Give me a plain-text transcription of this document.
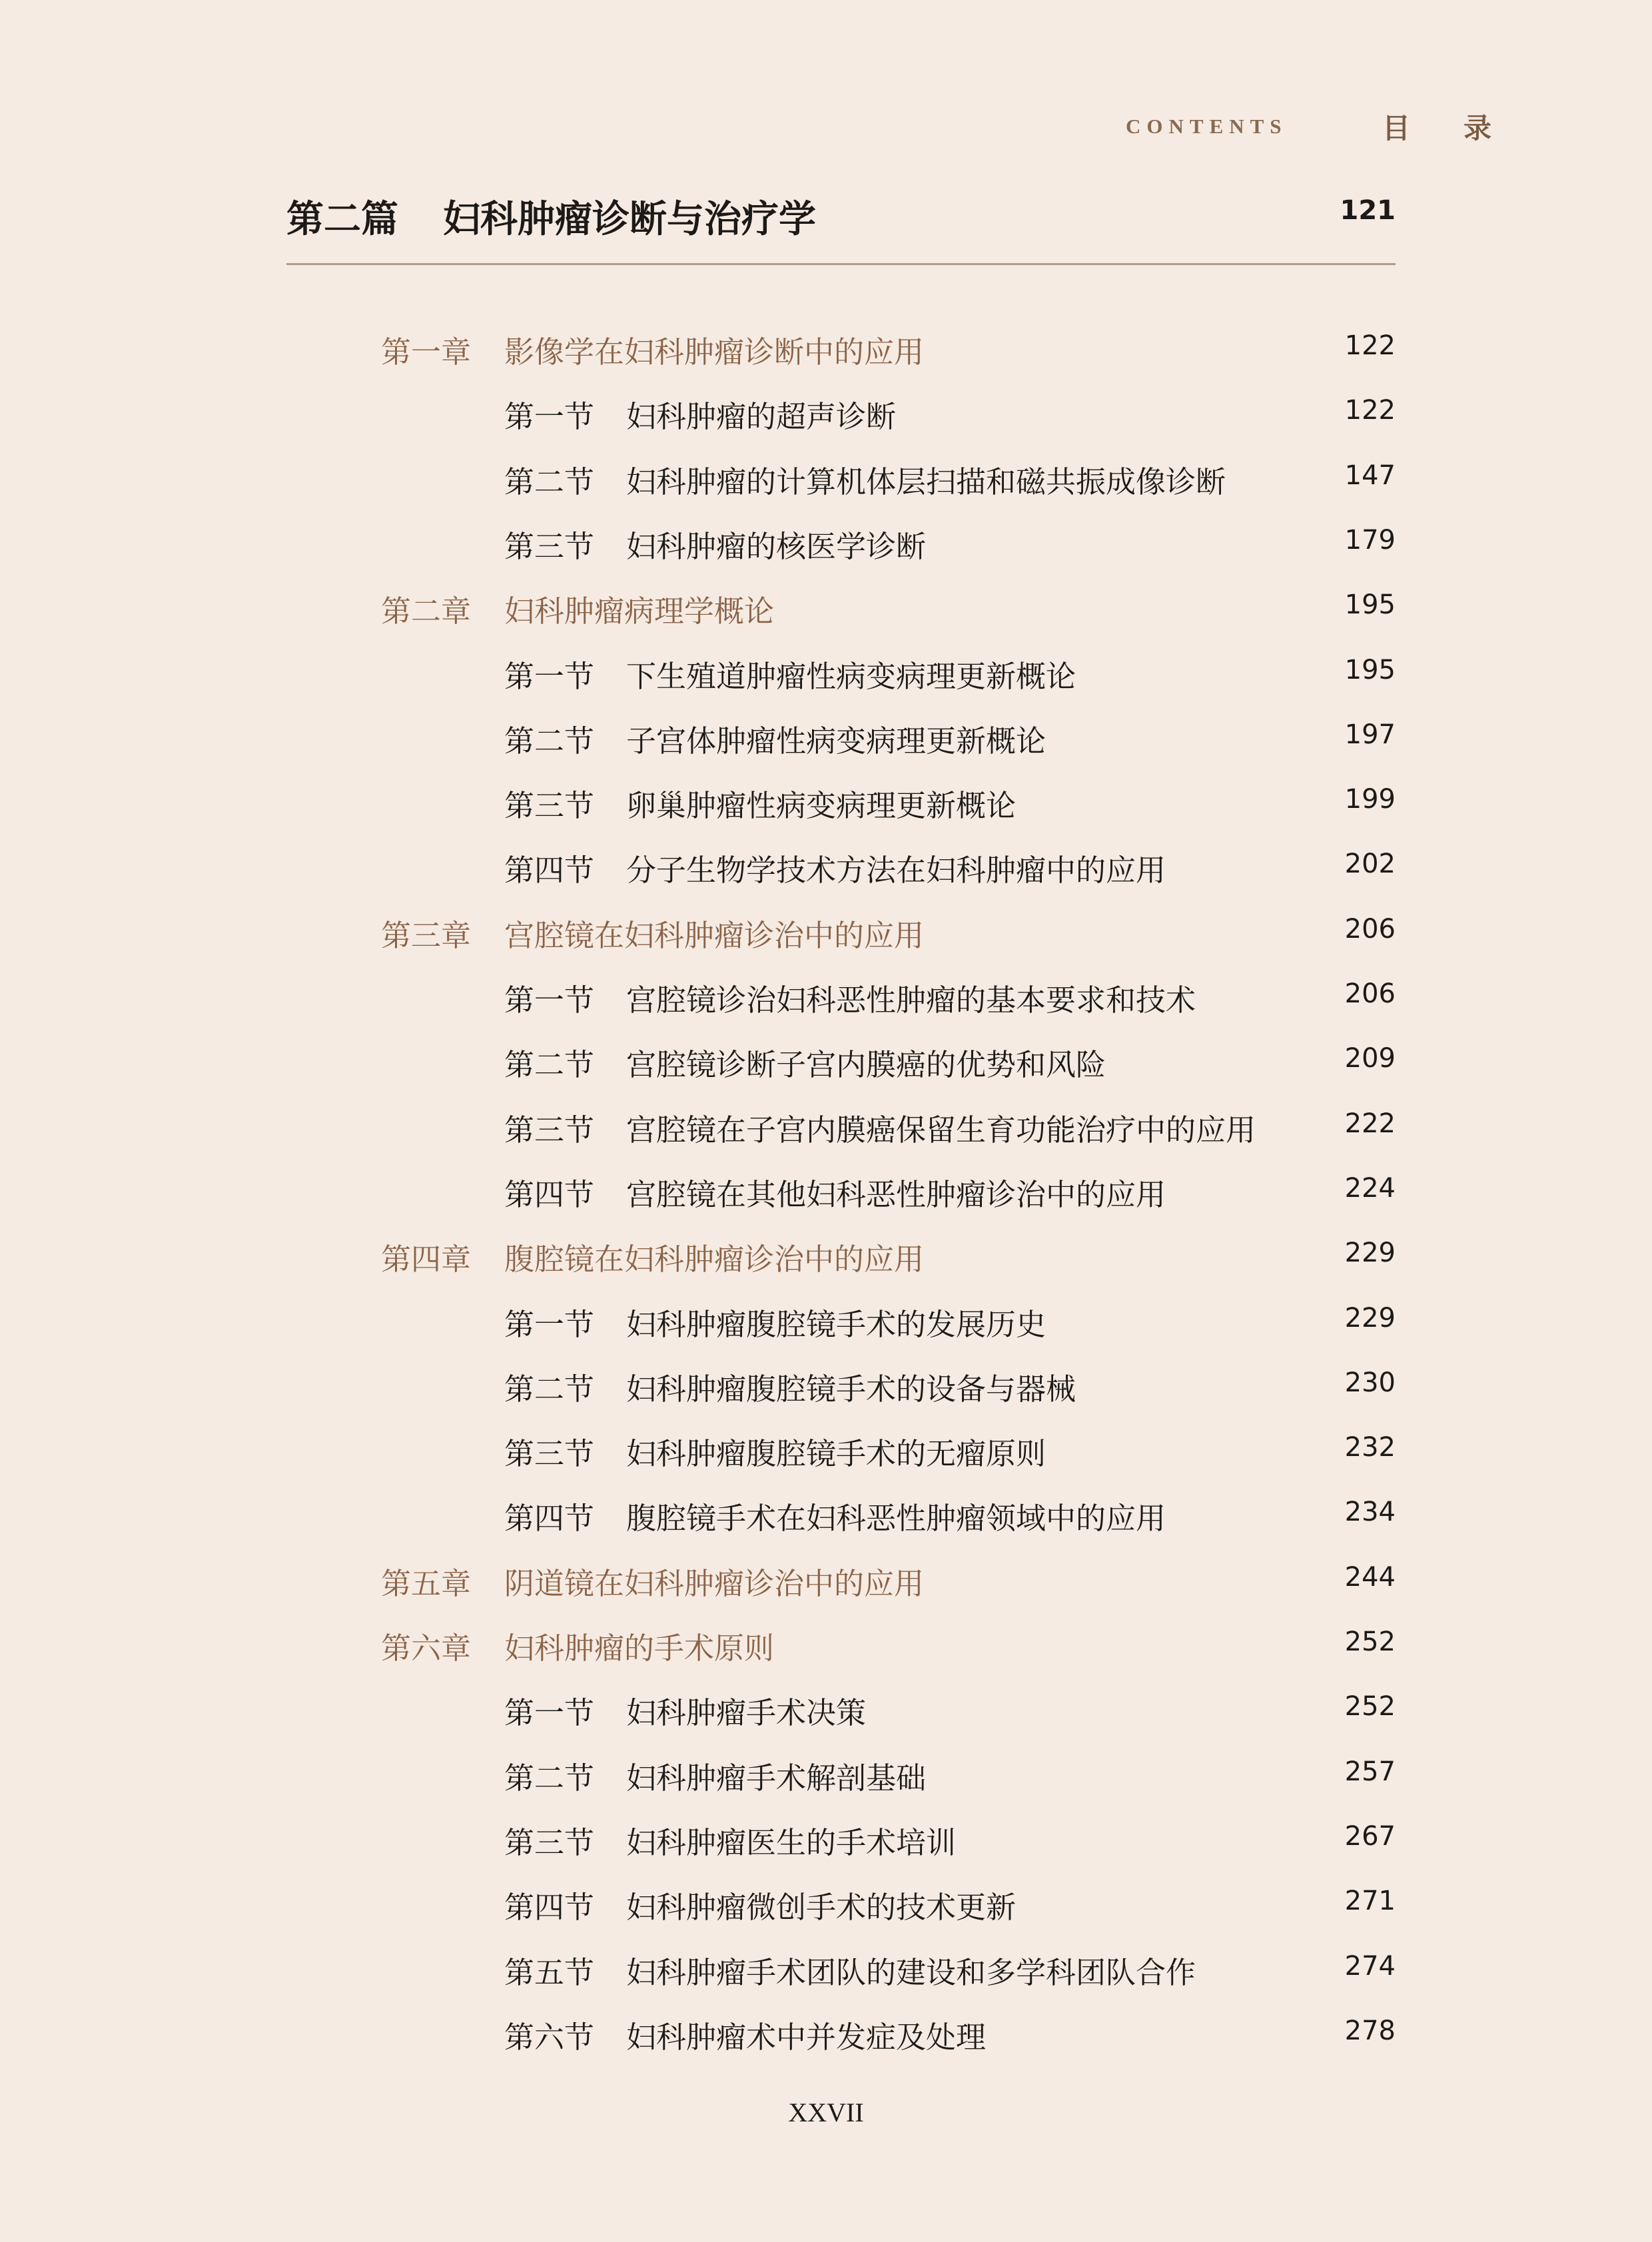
CONTENTS	目录
第二篇 妇科肿瘤诊断与治疗学	121
第一章 影像学在妇科肿瘤诊断中的应用	122
第一节 妇科肿瘤的超声诊断	122
第二节 妇科肿瘤的计算机体层扫描和磁共振成像诊断	147
第三节 妇科肿瘤的核医学诊断	179
第二章 妇科肿瘤病理学概论	195
第一节 下生殖道肿瘤性病变病理更新概论	195
第二节 子宫体肿瘤性病变病理更新概论	197
第三节 卵巢肿瘤性病变病理更新概论	199
第四节 分子生物学技术方法在妇科肿瘤中的应用	202
第三章 宫腔镜在妇科肿瘤诊治中的应用	206
第一节 宫腔镜诊治妇科恶性肿瘤的基本要求和技术	206
第二节 宫腔镜诊断子宫内膜癌的优势和风险	209
第三节 宫腔镜在子宫内膜癌保留生育功能治疗中的应用	222
第四节 宫腔镜在其他妇科恶性肿瘤诊治中的应用	224
第四章 腹腔镜在妇科肿瘤诊治中的应用	229
第一节 妇科肿瘤腹腔镜手术的发展历史	229
第二节 妇科肿瘤腹腔镜手术的设备与器械	230
第三节 妇科肿瘤腹腔镜手术的无瘤原则	232
第四节 腹腔镜手术在妇科恶性肿瘤领域中的应用	234
第五章 阴道镜在妇科肿瘤诊治中的应用	244
第六章 妇科肿瘤的手术原则	252
第一节 妇科肿瘤手术决策	252
第二节 妇科肿瘤手术解剖基础	257
第三节 妇科肿瘤医生的手术培训	267
第四节 妇科肿瘤微创手术的技术更新	271
第五节 妇科肿瘤手术团队的建设和多学科团队合作	274
第六节 妇科肿瘤术中并发症及处理	278
XXVII
